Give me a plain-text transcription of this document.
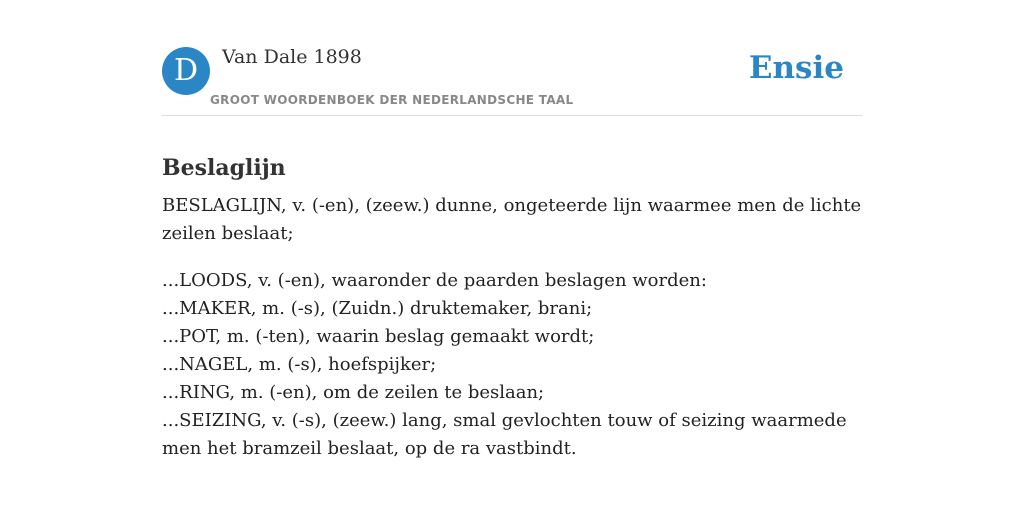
D	Van Dale 1898
GROOT WOORDENBOEK DER NEDERLANDSCHE TAAL
Ensie
Beslaglijn

BESLAGLIJN, v. (-en), (zeew.) dunne, ongeteerde lijn waarmee men de lichte zeilen beslaat;

...LOODS, v. (-en), waaronder de paarden beslagen worden:
...MAKER, m. (-s), (Zuidn.) druktemaker, brani;
...POT, m. (-ten), waarin beslag gemaakt wordt;
...NAGEL, m. (-s), hoefspijker;
...RING, m. (-en), om de zeilen te beslaan;
...SEIZING, v. (-s), (zeew.) lang, smal gevlochten touw of seizing waarmede men het bramzeil beslaat, op de ra vastbindt.
